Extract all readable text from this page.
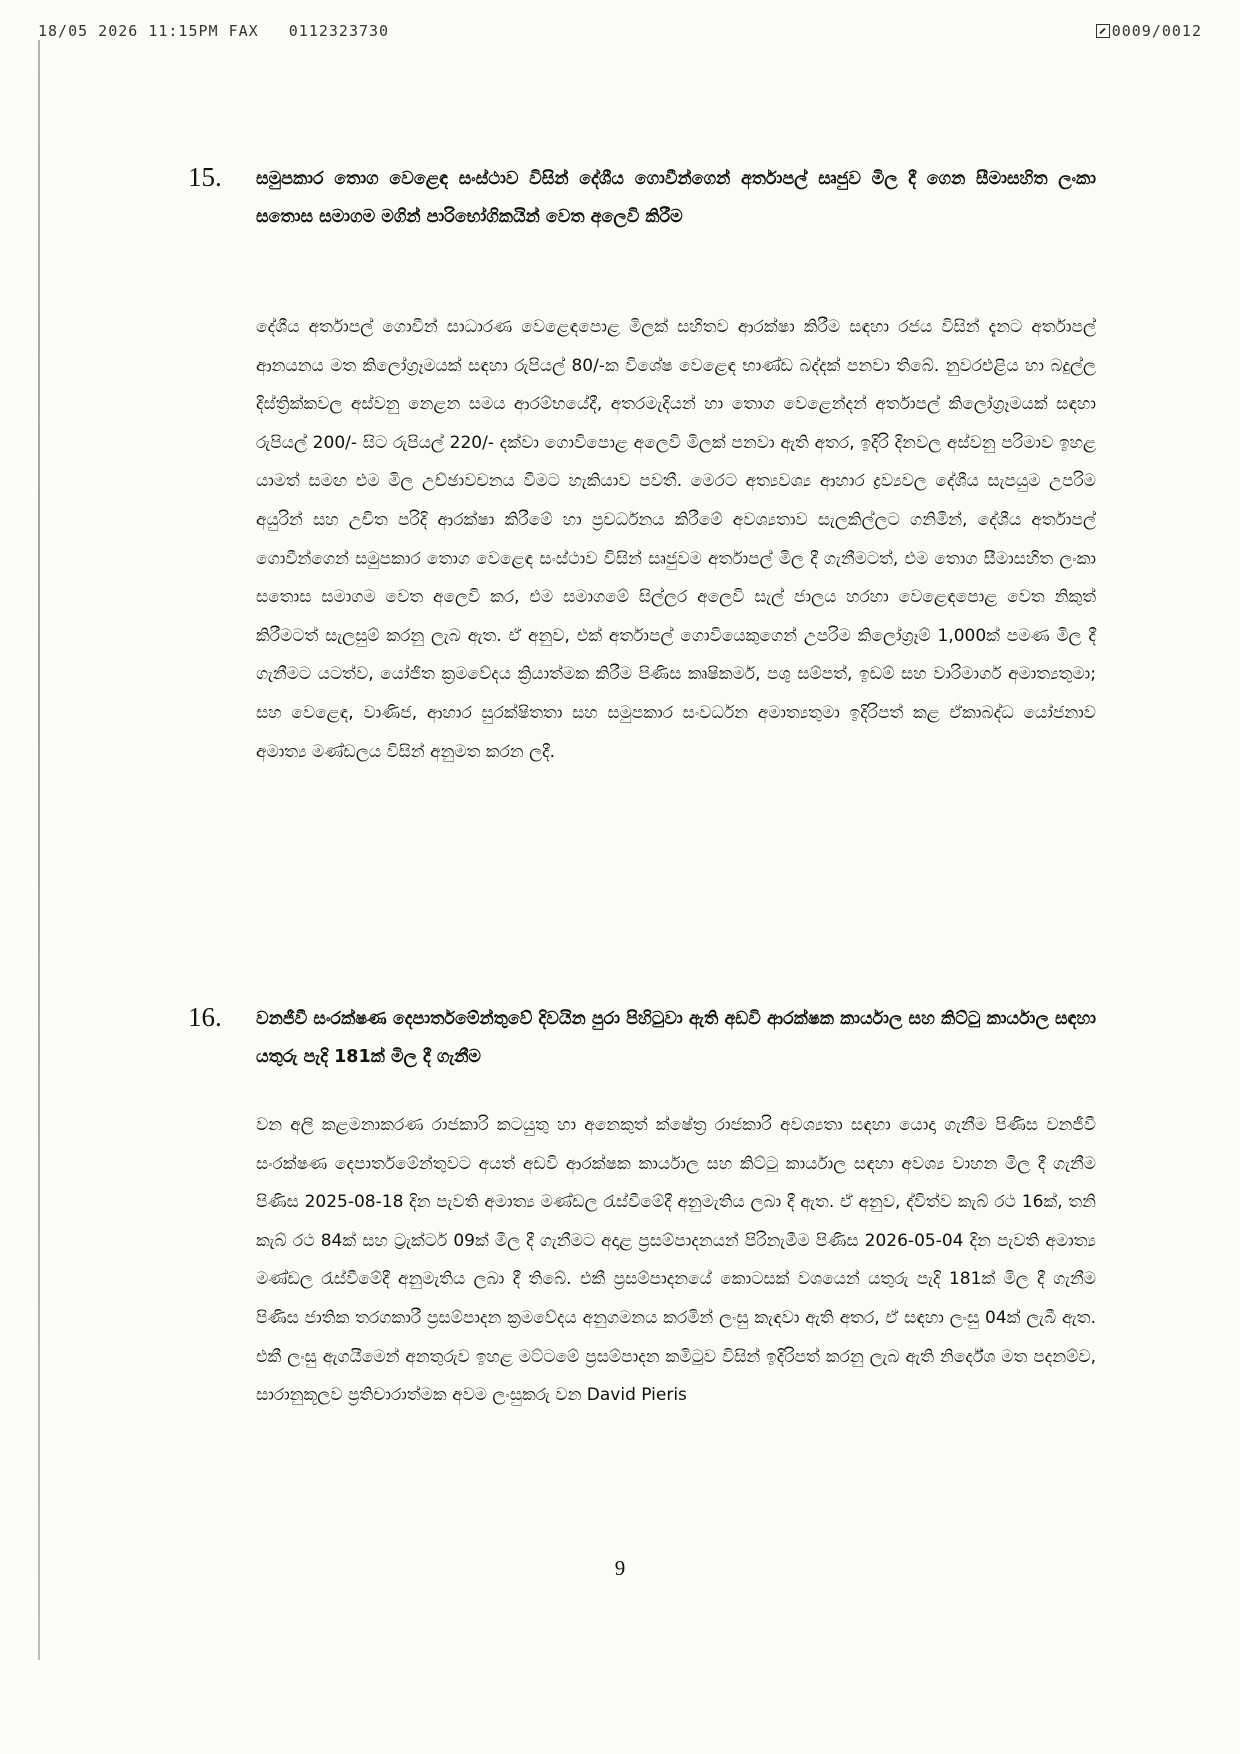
18/05 2026 11:15PM FAX 0112323730	0009/0012
15. සමුපකාර තොග වෙළෙඳ සංස්ථාව විසින් දේශීය ගොවීන්ගෙන් අර්තාපල් සෘජුව මිල දී ගෙන සීමාසහිත ලංකා සතොස සමාගම මගින් පාරිභෝගිකයින් වෙත අලෙවි කිරීම
දේශීය අර්තාපල් ගොවීන් සාධාරණ වෙළෙඳපොළ මිලක් සහිතව ආරක්ෂා කිරීම සඳහා රජය විසින් දැනට අර්තාපල් ආනයනය මත කිලෝග්‍රෑමයක් සඳහා රුපියල් 80/-ක විශේෂ වෙළෙඳ භාණ්ඩ බද්දක් පනවා තිබේ. නුවරඑළිය හා බදුල්ල දිස්ත්‍රික්කවල අස්වනු නෙළන සමය ආරම්භයේදී, අතරමැදියන් හා තොග වෙළෙන්දන් අර්තාපල් කිලෝග්‍රෑමයක් සඳහා රුපියල් 200/- සිට රුපියල් 220/- දක්වා ගොවිපොළ අලෙවි මිලක් පනවා ඇති අතර, ඉදිරි දිනවල අස්වනු පරිමාව ඉහළ යාමත් සමඟ එම මිල උච්ඡාවචනය වීමට හැකියාව පවතී. මෙරට අත්‍යවශ්‍ය ආහාර ද්‍රව්‍යවල දේශීය සැපයුම උපරිම අයුරින් සහ උචිත පරිදි ආරක්ෂා කිරීමේ හා ප්‍රවර්ධනය කිරීමේ අවශ්‍යතාව සැලකිල්ලට ගනිමින්, දේශීය අර්තාපල් ගොවීන්ගෙන් සමුපකාර තොග වෙළෙඳ සංස්ථාව විසින් සෘජුවම අර්තාපල් මිල දී ගැනීමටත්, එම තොග සීමාසහිත ලංකා සතොස සමාගම වෙත අලෙවි කර, එම සමාගමේ සිල්ලර අලෙවි සැල් ජාලය හරහා වෙළෙඳපොළ වෙත නිකුත් කිරීමටත් සැලසුම් කරනු ලැබ ඇත. ඒ අනුව, එක් අර්තාපල් ගොවියෙකුගෙන් උපරිම කිලෝග්‍රෑම් 1,000ක් පමණ මිල දී ගැනීමට යටත්ව, යෝජිත ක්‍රමවේදය ක්‍රියාත්මක කිරීම පිණිස කෘෂිකර්ම, පශු සම්පත්, ඉඩම් සහ වාරිමාර්ග අමාත්‍යතුමා; සහ වෙළෙඳ, වාණිජ, ආහාර සුරක්ෂිතතා සහ සමුපකාර සංවර්ධන අමාත්‍යතුමා ඉදිරිපත් කළ ඒකාබද්ධ යෝජනාව අමාත්‍ය මණ්ඩලය විසින් අනුමත කරන ලදී.
16. වනජීවී සංරක්ෂණ දෙපාර්තමේන්තුවේ දිවයින පුරා පිහිටුවා ඇති අඩවි ආරක්ෂක කාර්යාල සහ කිට්ටු කාර්යාල සඳහා යතුරු පැදි 181ක් මිල දී ගැනීම
වන අලි කළමනාකරණ රාජකාරි කටයුතු හා අනෙකුත් ක්ෂේත්‍ර රාජකාරි අවශ්‍යතා සඳහා යොදා ගැනීම පිණිස වනජීවී සංරක්ෂණ දෙපාර්තමේන්තුවට අයත් අඩවි ආරක්ෂක කාර්යාල සහ කිට්ටු කාර්යාල සඳහා අවශ්‍ය වාහන මිල දී ගැනීම පිණිස 2025-08-18 දින පැවති අමාත්‍ය මණ්ඩල රැස්වීමේදී අනුමැතිය ලබා දී ඇත. ඒ අනුව, ද්විත්ව කැබ් රථ 16ක්, තනි කැබ් රථ 84ක් සහ ට්‍රැක්ටර් 09ක් මිල දී ගැනීමට අදාළ ප්‍රසම්පාදනයන් පිරිනැමීම පිණිස 2026-05-04 දින පැවති අමාත්‍ය මණ්ඩල රැස්වීමේදී අනුමැතිය ලබා දී තිබේ. එකී ප්‍රසම්පාදනයේ කොටසක් වශයෙන් යතුරු පැදි 181ක් මිල දී ගැනීම පිණිස ජාතික තරගකාරී ප්‍රසම්පාදන ක්‍රමවේදය අනුගමනය කරමින් ලංසු කැඳවා ඇති අතර, ඒ සඳහා ලංසු 04ක් ලැබී ඇත. එකී ලංසු ඇගයීමෙන් අනතුරුව ඉහළ මට්ටමේ ප්‍රසම්පාදන කමිටුව විසින් ඉදිරිපත් කරනු ලැබ ඇති නිර්දේශ මත පදනම්ව, සාරානුකූලව ප්‍රතිචාරාත්මක අවම ලංසුකරු වන David Pieris
9
